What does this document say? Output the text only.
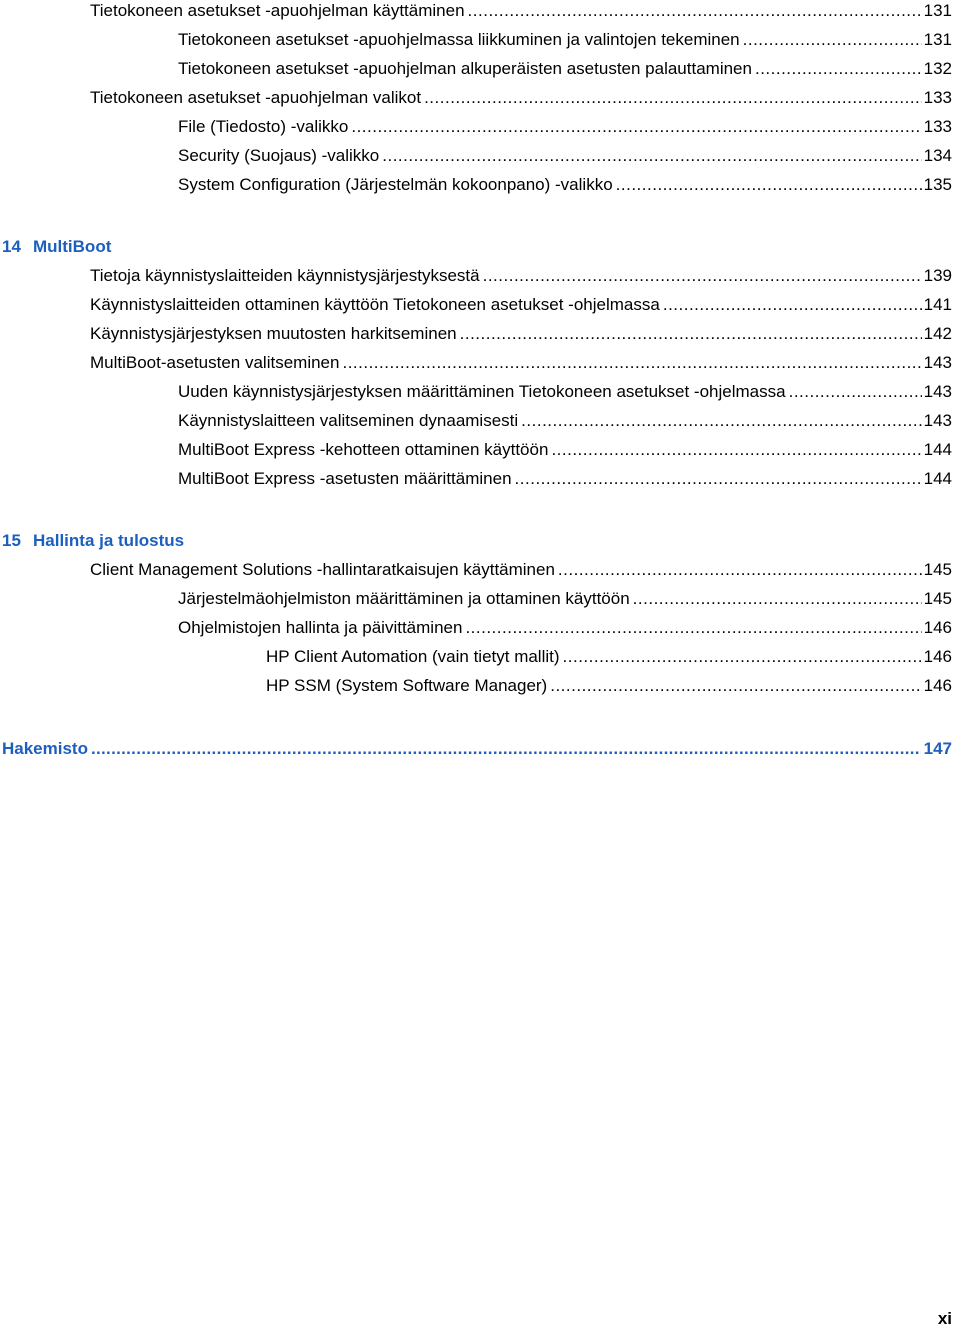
Tietokoneen asetukset -apuohjelman käyttäminen .....	131
Tietokoneen asetukset -apuohjelmassa liikkuminen ja valintojen tekeminen .....	131
Tietokoneen asetukset -apuohjelman alkuperäisten asetusten palauttaminen .....	132
Tietokoneen asetukset -apuohjelman valikot .....	133
File (Tiedosto) -valikko .....	133
Security (Suojaus) -valikko .....	134
System Configuration (Järjestelmän kokoonpano) -valikko .....	135
14 MultiBoot
Tietoja käynnistyslaitteiden käynnistysjärjestyksestä .....	139
Käynnistyslaitteiden ottaminen käyttöön Tietokoneen asetukset -ohjelmassa .....	141
Käynnistysjärjestyksen muutosten harkitseminen .....	142
MultiBoot-asetusten valitseminen .....	143
Uuden käynnistysjärjestyksen määrittäminen Tietokoneen asetukset -ohjelmassa .....	143
Käynnistyslaitteen valitseminen dynaamisesti .....	143
MultiBoot Express -kehotteen ottaminen käyttöön .....	144
MultiBoot Express -asetusten määrittäminen .....	144
15 Hallinta ja tulostus
Client Management Solutions -hallintaratkaisujen käyttäminen .....	145
Järjestelmäohjelmiston määrittäminen ja ottaminen käyttöön .....	145
Ohjelmistojen hallinta ja päivittäminen .....	146
HP Client Automation (vain tietyt mallit) .....	146
HP SSM (System Software Manager) .....	146
Hakemisto .....	147
xi
